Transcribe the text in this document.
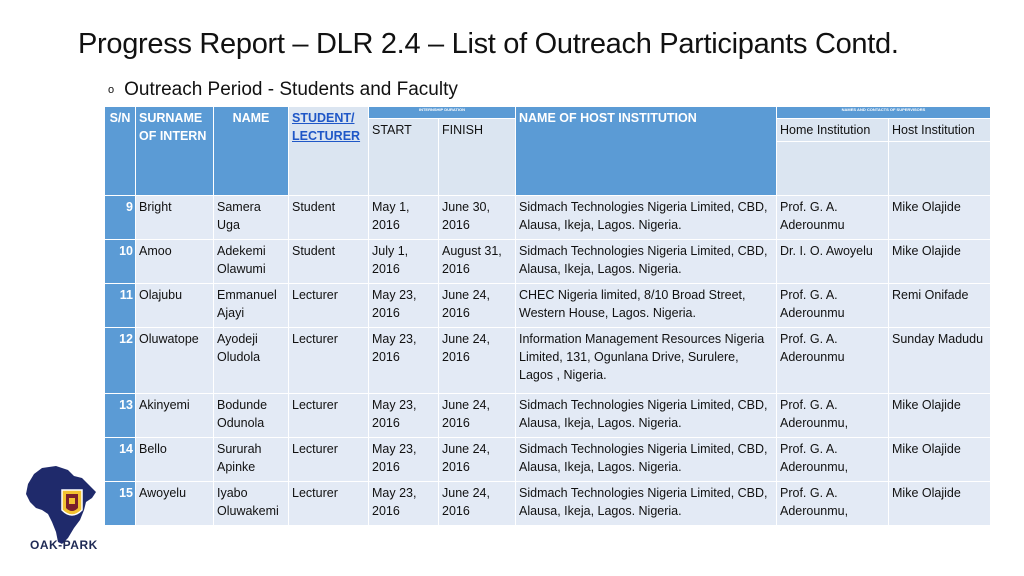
Progress Report – DLR 2.4 – List of Outreach Participants Contd.
o Outreach Period - Students and Faculty
S/N	SURNAME OF INTERN	NAME	STUDENT/ LECTURER	INTERNSHIP DURATION		NAME OF HOST INSTITUTION	NAMES AND CONTACTS OF SUPERVISORS	
				START	FINISH		Home Institution	Host Institution

9	Bright	Samera Uga	Student	May 1, 2016	June 30, 2016	Sidmach Technologies Nigeria Limited, CBD, Alausa, Ikeja, Lagos. Nigeria.	Prof. G. A. Aderounmu	Mike Olajide
10	Amoo	Adekemi Olawumi	Student	July 1, 2016	August 31, 2016	Sidmach Technologies Nigeria Limited, CBD, Alausa, Ikeja, Lagos. Nigeria.	Dr. I. O. Awoyelu	Mike Olajide
11	Olajubu	Emmanuel Ajayi	Lecturer	May 23, 2016	June 24, 2016	CHEC Nigeria limited, 8/10 Broad Street, Western House, Lagos. Nigeria.	Prof. G. A. Aderounmu	Remi Onifade
12	Oluwatope	Ayodeji Oludola	Lecturer	May 23, 2016	June 24, 2016	Information Management Resources Nigeria Limited, 131, Ogunlana Drive, Surulere, Lagos , Nigeria.	Prof. G. A. Aderounmu	Sunday Madudu
13	Akinyemi	Bodunde Odunola	Lecturer	May 23, 2016	June 24, 2016	Sidmach Technologies Nigeria Limited, CBD, Alausa, Ikeja, Lagos. Nigeria.	Prof. G. A. Aderounmu,	Mike Olajide
14	Bello	Sururah Apinke	Lecturer	May 23, 2016	June 24, 2016	Sidmach Technologies Nigeria Limited, CBD, Alausa, Ikeja, Lagos. Nigeria.	Prof. G. A. Aderounmu,	Mike Olajide
15	Awoyelu	Iyabo Oluwakemi	Lecturer	May 23, 2016	June 24, 2016	Sidmach Technologies Nigeria Limited, CBD, Alausa, Ikeja, Lagos. Nigeria.	Prof. G. A. Aderounmu,	Mike Olajide
OAK-PARK
